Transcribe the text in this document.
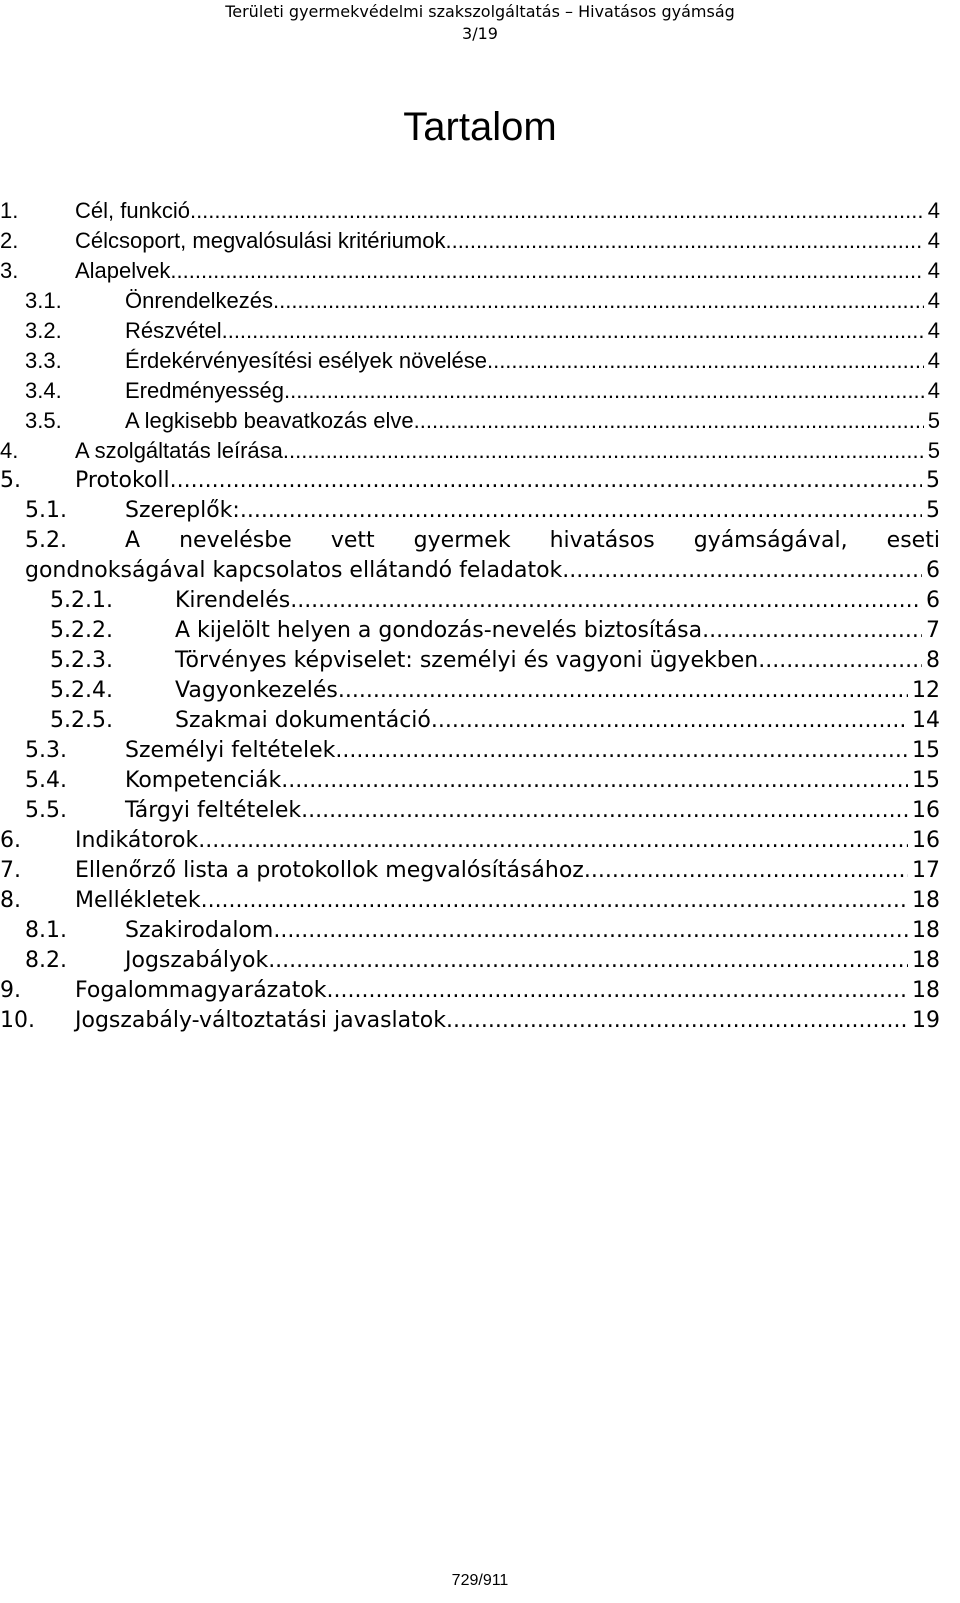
Területi gyermekvédelmi szakszolgáltatás – Hivatásos gyámság
3/19
Tartalom
1.	Cél, funkció .....	4
2.	Célcsoport, megvalósulási kritériumok .....	4
3.	Alapelvek .....	4
3.1.	Önrendelkezés .....	4
3.2.	Részvétel .....	4
3.3.	Érdekérvényesítési esélyek növelése .....	4
3.4.	Eredményesség .....	4
3.5.	A legkisebb beavatkozás elve .....	5
4.	A szolgáltatás leírása .....	5
5. Protokoll .....	5
5.1.	Szereplők: .....	5
5.2.	A nevelésbe vett gyermek hivatásos gyámságával, eseti
gondnokságával kapcsolatos ellátandó feladatok .....	6
5.2.1.	Kirendelés .....	6
5.2.2.	A kijelölt helyen a gondozás-nevelés biztosítása .....	7
5.2.3.	Törvényes képviselet: személyi és vagyoni ügyekben .....	8
5.2.4.	Vagyonkezelés .....	12
5.2.5.	Szakmai dokumentáció .....	14
5.3.	Személyi feltételek .....	15
5.4.	Kompetenciák .....	15
5.5.	Tárgyi feltételek .....	16
6. Indikátorok .....	16
7. Ellenőrző lista a protokollok megvalósításához .....	17
8. Mellékletek .....	18
8.1.	Szakirodalom .....	18
8.2.	Jogszabályok .....	18
9. Fogalommagyarázatok .....	18
10. Jogszabály-változtatási javaslatok .....	19
729/911
